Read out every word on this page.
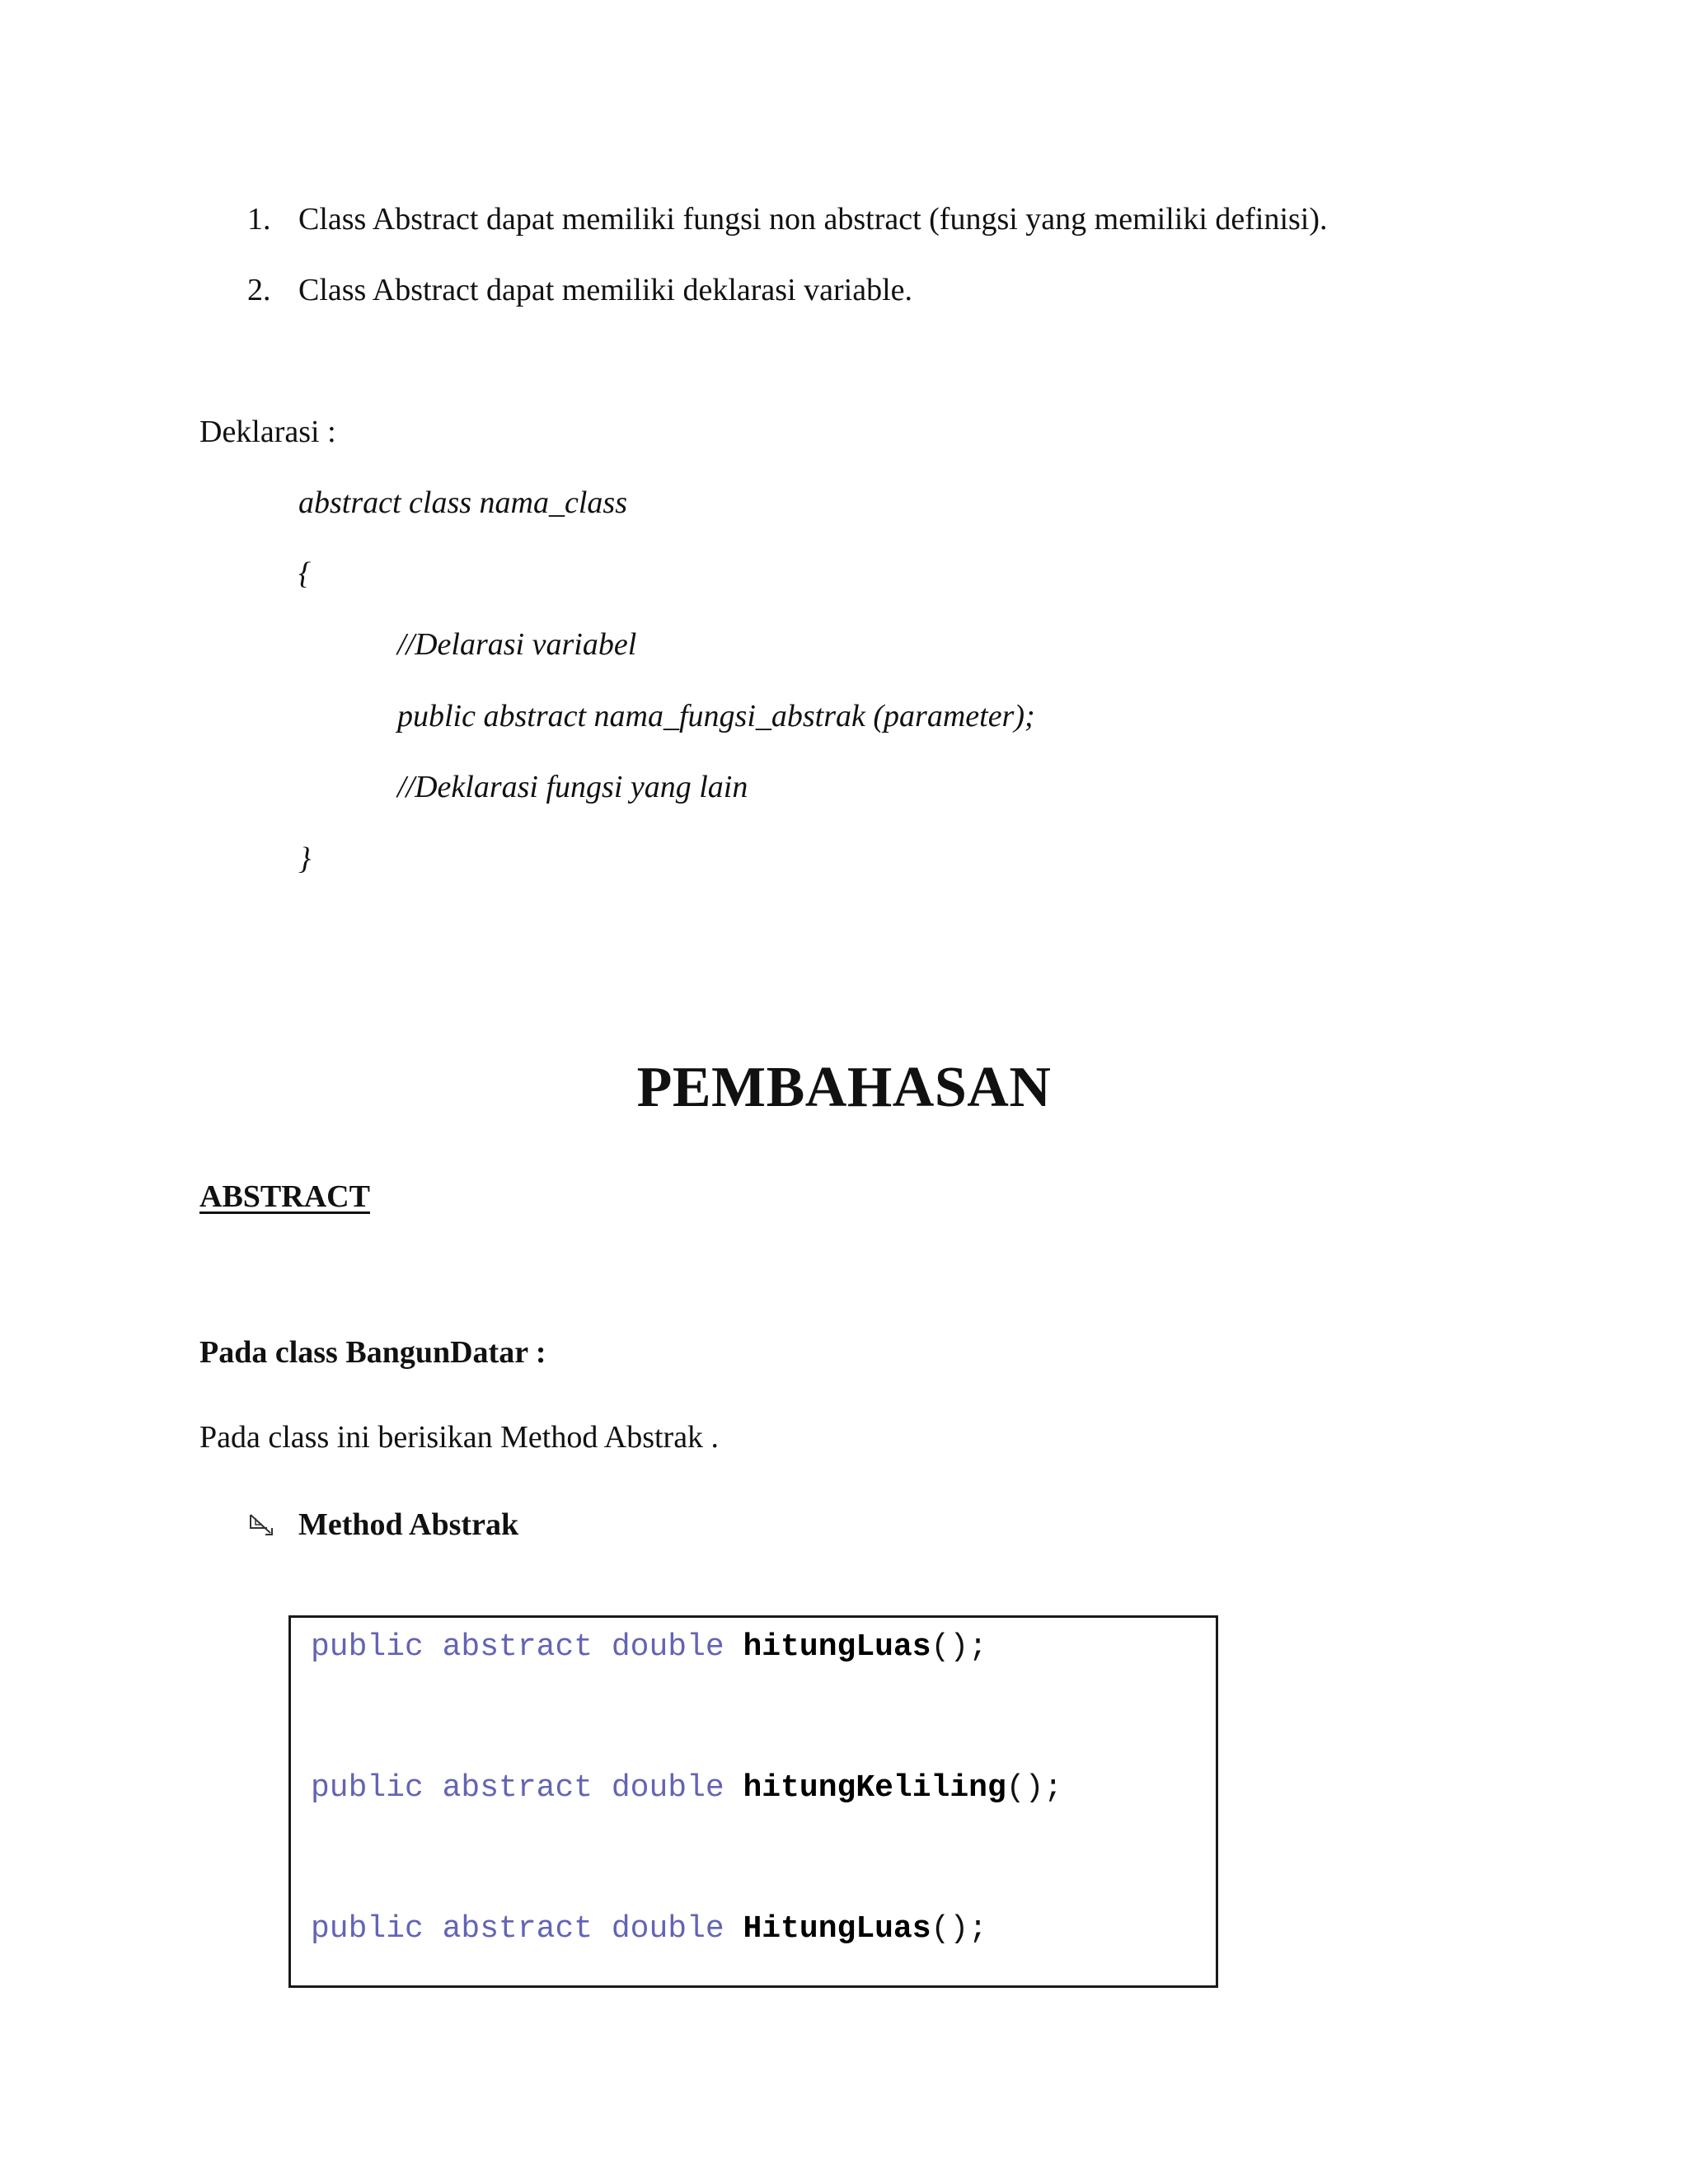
1. Class Abstract dapat memiliki fungsi non abstract (fungsi yang memiliki definisi).
2. Class Abstract dapat memiliki deklarasi variable.
Deklarasi :
abstract class nama_class
{
//Delarasi variabel
public abstract nama_fungsi_abstrak (parameter);
//Deklarasi fungsi yang lain
}
PEMBAHASAN
ABSTRACT
Pada class BangunDatar :
Pada class ini berisikan Method Abstrak .
Method Abstrak
public abstract double hitungLuas();
public abstract double hitungKeliling();
public abstract double HitungLuas();
